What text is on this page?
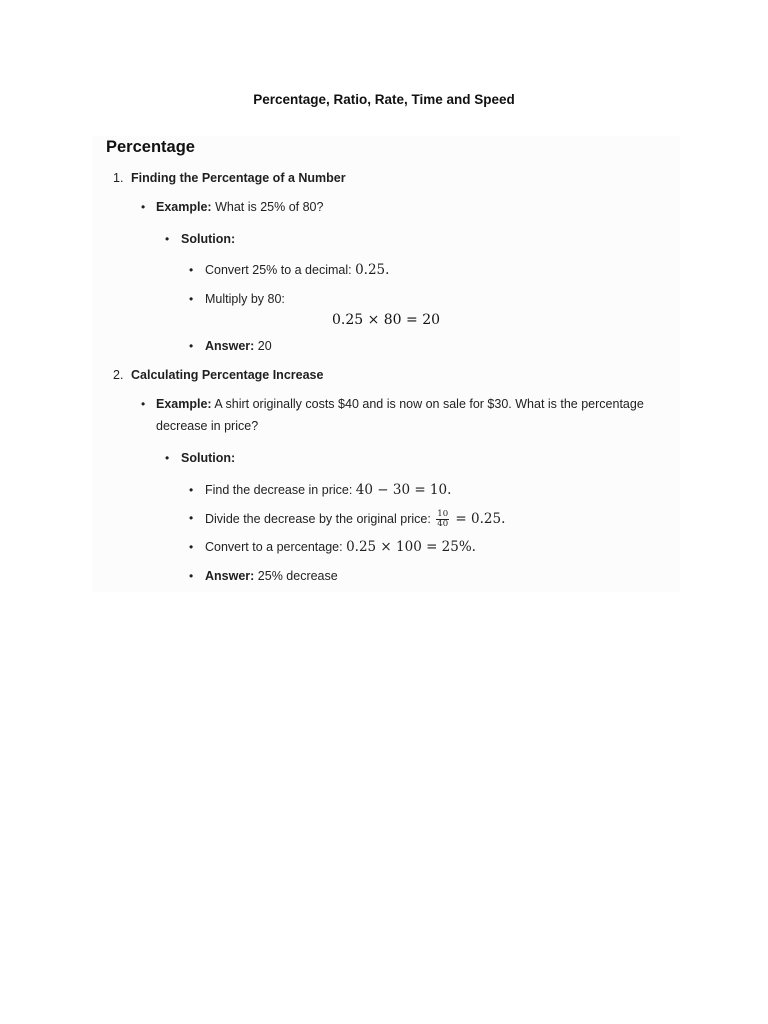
Percentage, Ratio, Rate, Time and Speed
Percentage
1. Finding the Percentage of a Number
• Example: What is 25% of 80?
• Solution:
• Convert 25% to a decimal: 0.25.
• Multiply by 80:
0.25 × 80 = 20
• Answer: 20
2. Calculating Percentage Increase
• Example: A shirt originally costs $40 and is now on sale for $30. What is the percentage
decrease in price?
• Solution:
• Find the decrease in price: 40 − 30 = 10.
• Divide the decrease by the original price: $\frac{10}{40} = 0.25$.
• Convert to a percentage: 0.25 × 100 = 25%.
• Answer: 25% decrease
